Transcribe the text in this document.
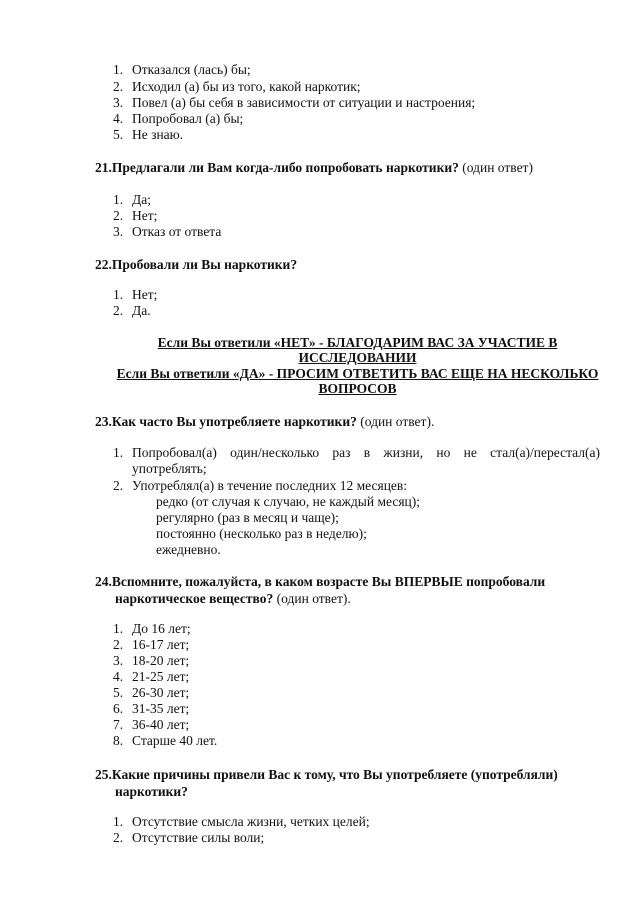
1. Отказался (лась) бы;
2. Исходил (а) бы из того, какой наркотик;
3. Повел (а) бы себя в зависимости от ситуации и настроения;
4. Попробовал (а) бы;
5. Не знаю.
21.Предлагали ли Вам когда-либо попробовать наркотики? (один ответ)
1. Да;
2. Нет;
3. Отказ от ответа
22.Пробовали ли Вы наркотики?
1. Нет;
2. Да.
Если Вы ответили «НЕТ» - БЛАГОДАРИМ ВАС ЗА УЧАСТИЕ В
ИССЛЕДОВАНИИ
Если Вы ответили «ДА» - ПРОСИМ ОТВЕТИТЬ ВАС ЕЩЕ НА НЕСКОЛЬКО
ВОПРОСОВ
23.Как часто Вы употребляете наркотики? (один ответ).
1. Попробовал(а) один/несколько раз в жизни, но не стал(а)/перестал(а)
употреблять;
2. Употреблял(а) в течение последних 12 месяцев:
редко (от случая к случаю, не каждый месяц);
регулярно (раз в месяц и чаще);
постоянно (несколько раз в неделю);
ежедневно.
24.Вспомните, пожалуйста, в каком возрасте Вы ВПЕРВЫЕ попробовали
наркотическое вещество? (один ответ).
1. До 16 лет;
2. 16-17 лет;
3. 18-20 лет;
4. 21-25 лет;
5. 26-30 лет;
6. 31-35 лет;
7. 36-40 лет;
8. Старше 40 лет.
25.Какие причины привели Вас к тому, что Вы употребляете (употребляли)
наркотики?
1. Отсутствие смысла жизни, четких целей;
2. Отсутствие силы воли;
